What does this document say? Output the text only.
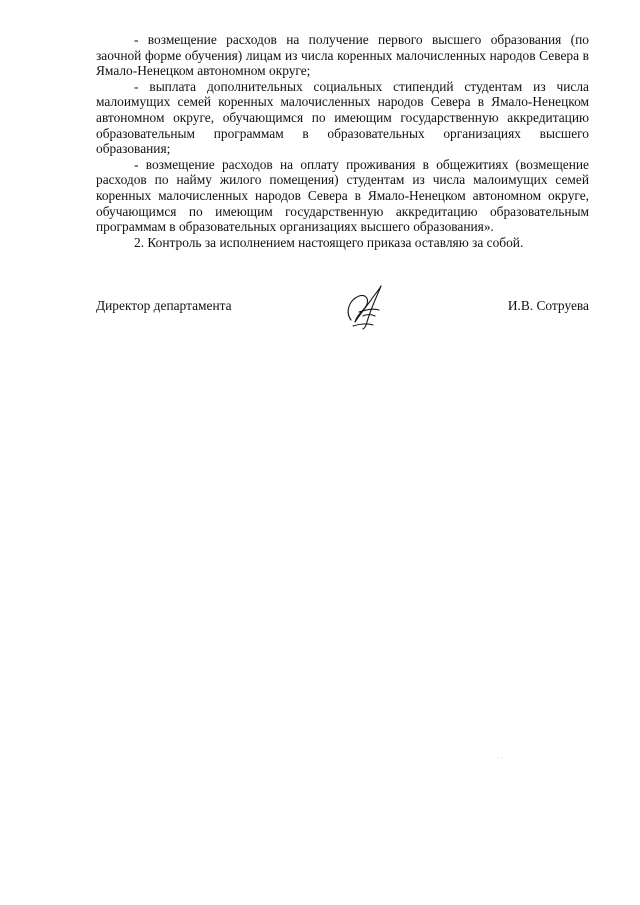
- возмещение расходов на получение первого высшего образования (по заочной форме обучения) лицам из числа коренных малочисленных народов Севера в Ямало-Ненецком автономном округе;

- выплата дополнительных социальных стипендий студентам из числа малоимущих семей коренных малочисленных народов Севера в Ямало-Ненецком автономном округе, обучающимся по имеющим государственную аккредитацию образовательным программам в образовательных организациях высшего образования;

- возмещение расходов на оплату проживания в общежитиях (возмещение расходов по найму жилого помещения) студентам из числа малоимущих семей коренных малочисленных народов Севера в Ямало-Ненецком автономном округе, обучающимся по имеющим государственную аккредитацию образовательным программам в образовательных организациях высшего образования».

2. Контроль за исполнением настоящего приказа оставляю за собой.

Директор департамента	И.В. Сотруева
